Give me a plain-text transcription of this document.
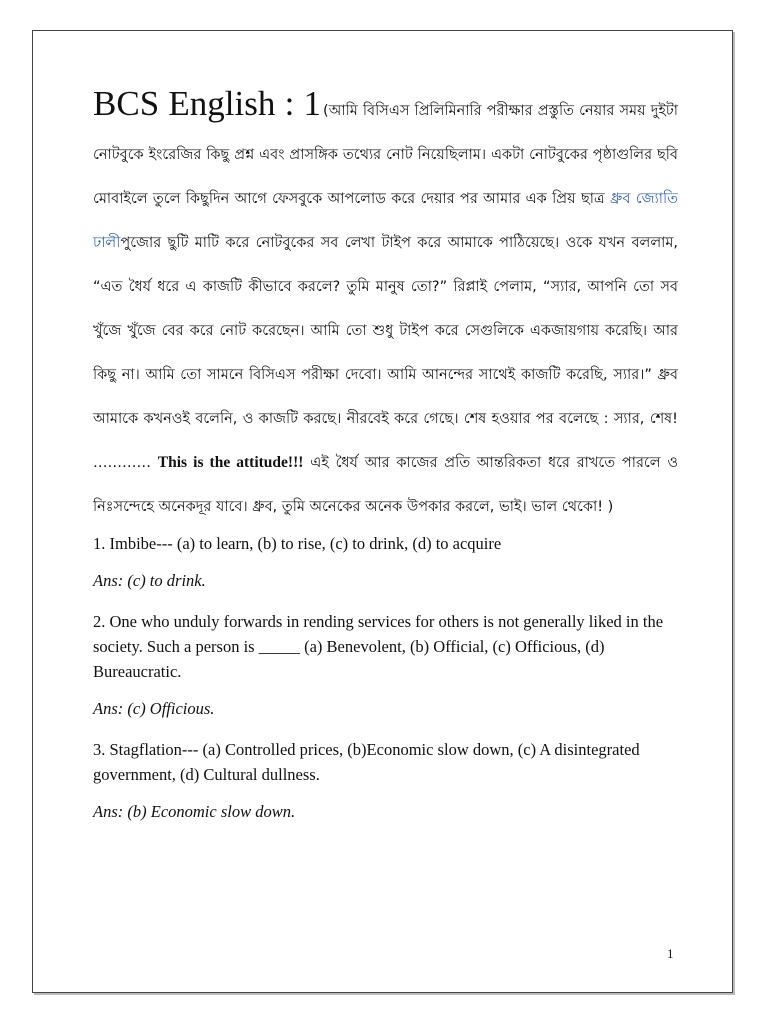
BCS English : 1 (আমি বিসিএস প্রিলিমিনারি পরীক্ষার প্রস্তুতি নেয়ার সময় দুইটা নোটবুকে ইংরেজির কিছু প্রশ্ন এবং প্রাসঙ্গিক তথ্যের নোট নিয়েছিলাম। একটা নোটবুকের পৃষ্ঠাগুলির ছবি মোবাইলে তুলে কিছুদিন আগে ফেসবুকে আপলোড করে দেয়ার পর আমার এক প্রিয় ছাত্র ধ্রুব জ্যোতি ঢালীপুজোর ছুটি মাটি করে নোটবুকের সব লেখা টাইপ করে আমাকে পাঠিয়েছে। ওকে যখন বললাম, “এত ধৈর্য ধরে এ কাজটি কীভাবে করলে? তুমি মানুষ তো?” রিপ্লাই পেলাম, “স্যার, আপনি তো সব খুঁজে খুঁজে বের করে নোট করেছেন। আমি তো শুধু টাইপ করে সেগুলিকে একজায়গায় করেছি। আর কিছু না। আমি তো সামনে বিসিএস পরীক্ষা দেবো। আমি আনন্দের সাথেই কাজটি করেছি, স্যার।” ধ্রুব আমাকে কখনওই বলেনি, ও কাজটি করছে। নীরবেই করে গেছে। শেষ হওয়ার পর বলেছে : স্যার, শেষ! ………… This is the attitude!!! এই ধৈর্য আর কাজের প্রতি আন্তরিকতা ধরে রাখতে পারলে ও নিঃসন্দেহে অনেকদূর যাবে। ধ্রুব, তুমি অনেকের অনেক উপকার করলে, ভাই। ভাল থেকো! )

1. Imbibe--- (a) to learn, (b) to rise, (c) to drink, (d) to acquire

Ans: (c) to drink.

2. One who unduly forwards in rending services for others is not generally liked in the society. Such a person is _____ (a) Benevolent, (b) Official, (c) Officious, (d) Bureaucratic.

Ans: (c) Officious.

3. Stagflation--- (a) Controlled prices, (b)Economic slow down, (c) A disintegrated government, (d) Cultural dullness.

Ans: (b) Economic slow down.

1
